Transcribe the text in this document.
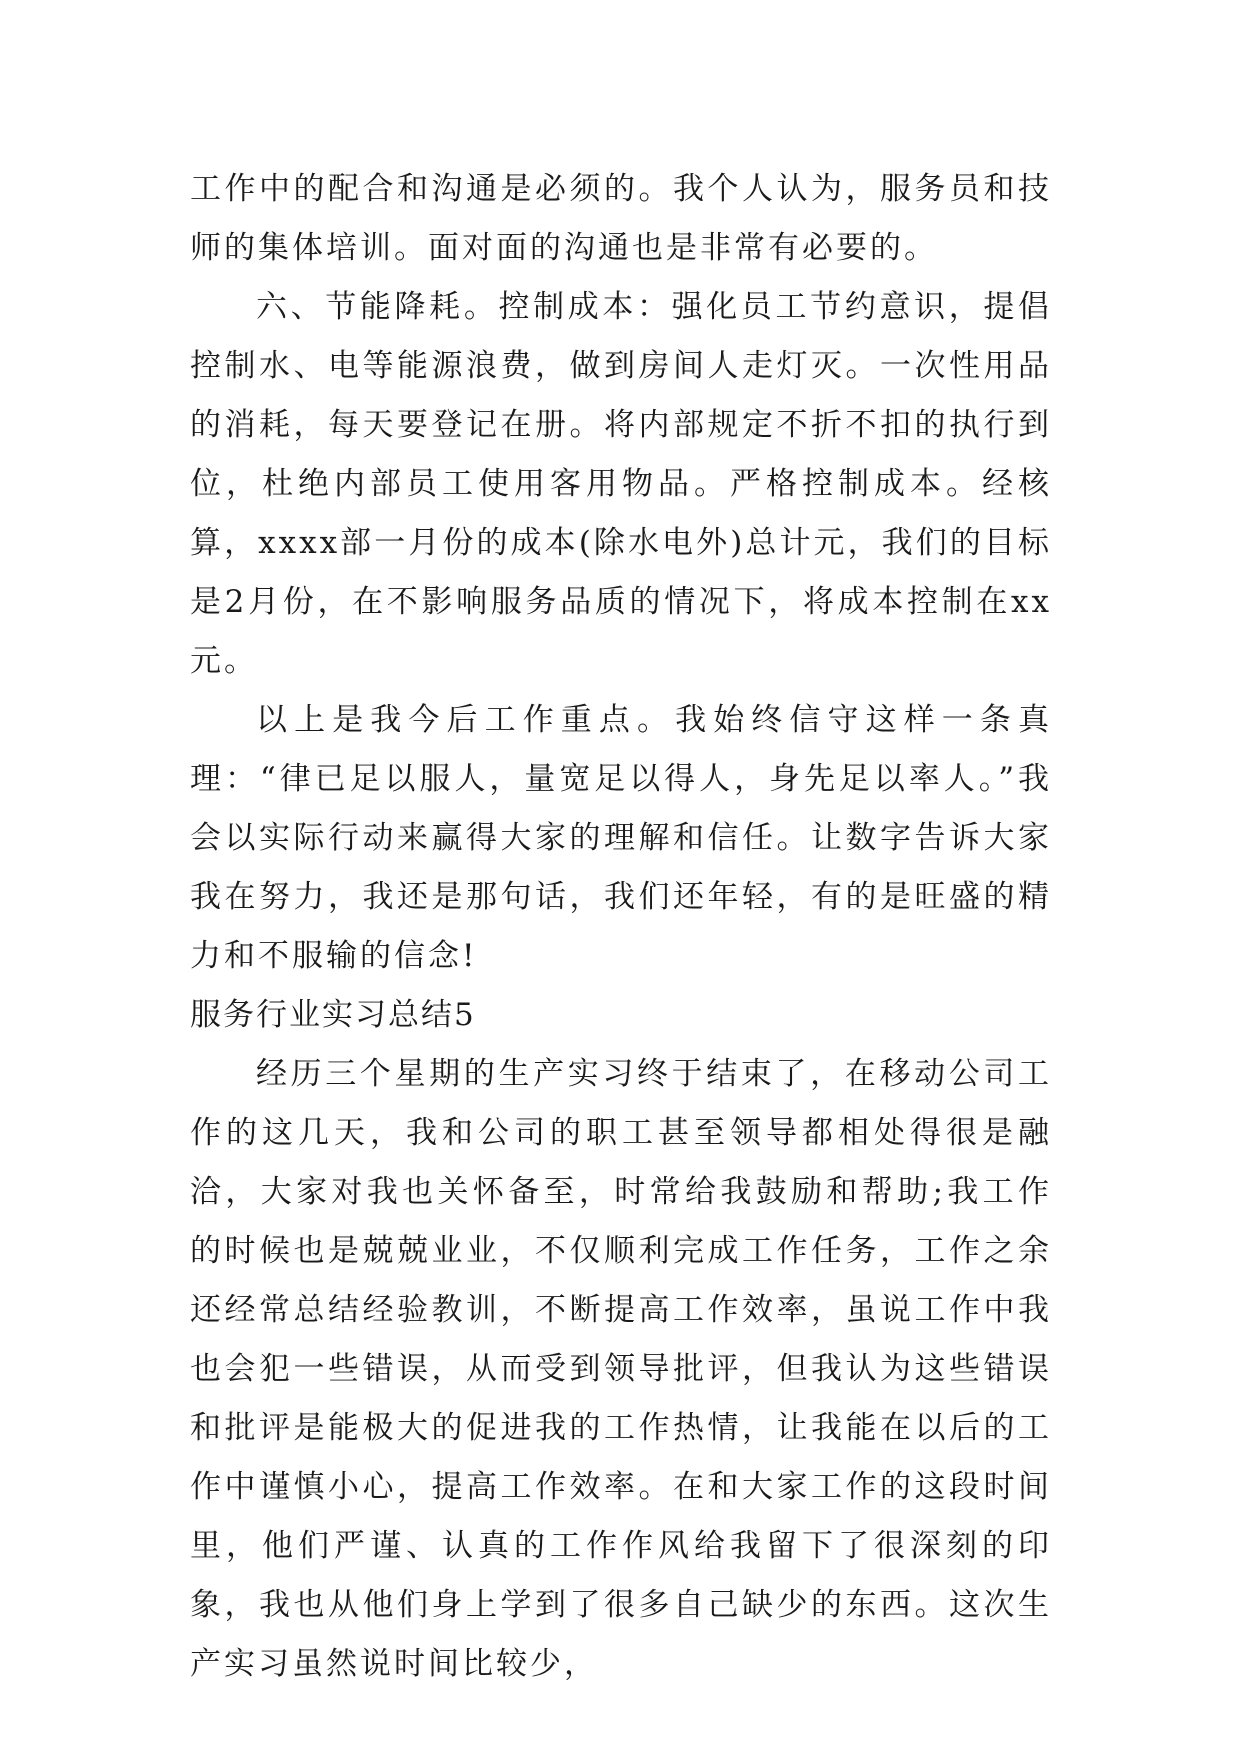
工作中的配合和沟通是必须的。我个人认为，服务员和技师的集体培训。面对面的沟通也是非常有必要的。

六、节能降耗。控制成本：强化员工节约意识，提倡控制水、电等能源浪费，做到房间人走灯灭。一次性用品的消耗，每天要登记在册。将内部规定不折不扣的执行到位，杜绝内部员工使用客用物品。严格控制成本。经核算，xxxx部一月份的成本(除水电外)总计元，我们的目标是2月份，在不影响服务品质的情况下，将成本控制在xx元。

以上是我今后工作重点。我始终信守这样一条真理：“律已足以服人，量宽足以得人，身先足以率人。”我会以实际行动来赢得大家的理解和信任。让数字告诉大家我在努力，我还是那句话，我们还年轻，有的是旺盛的精力和不服输的信念!

服务行业实习总结5

经历三个星期的生产实习终于结束了，在移动公司工作的这几天，我和公司的职工甚至领导都相处得很是融洽，大家对我也关怀备至，时常给我鼓励和帮助;我工作的时候也是兢兢业业，不仅顺利完成工作任务，工作之余还经常总结经验教训，不断提高工作效率，虽说工作中我也会犯一些错误，从而受到领导批评，但我认为这些错误和批评是能极大的促进我的工作热情，让我能在以后的工作中谨慎小心，提高工作效率。在和大家工作的这段时间里，他们严谨、认真的工作作风给我留下了很深刻的印象，我也从他们身上学到了很多自己缺少的东西。这次生产实习虽然说时间比较少，
